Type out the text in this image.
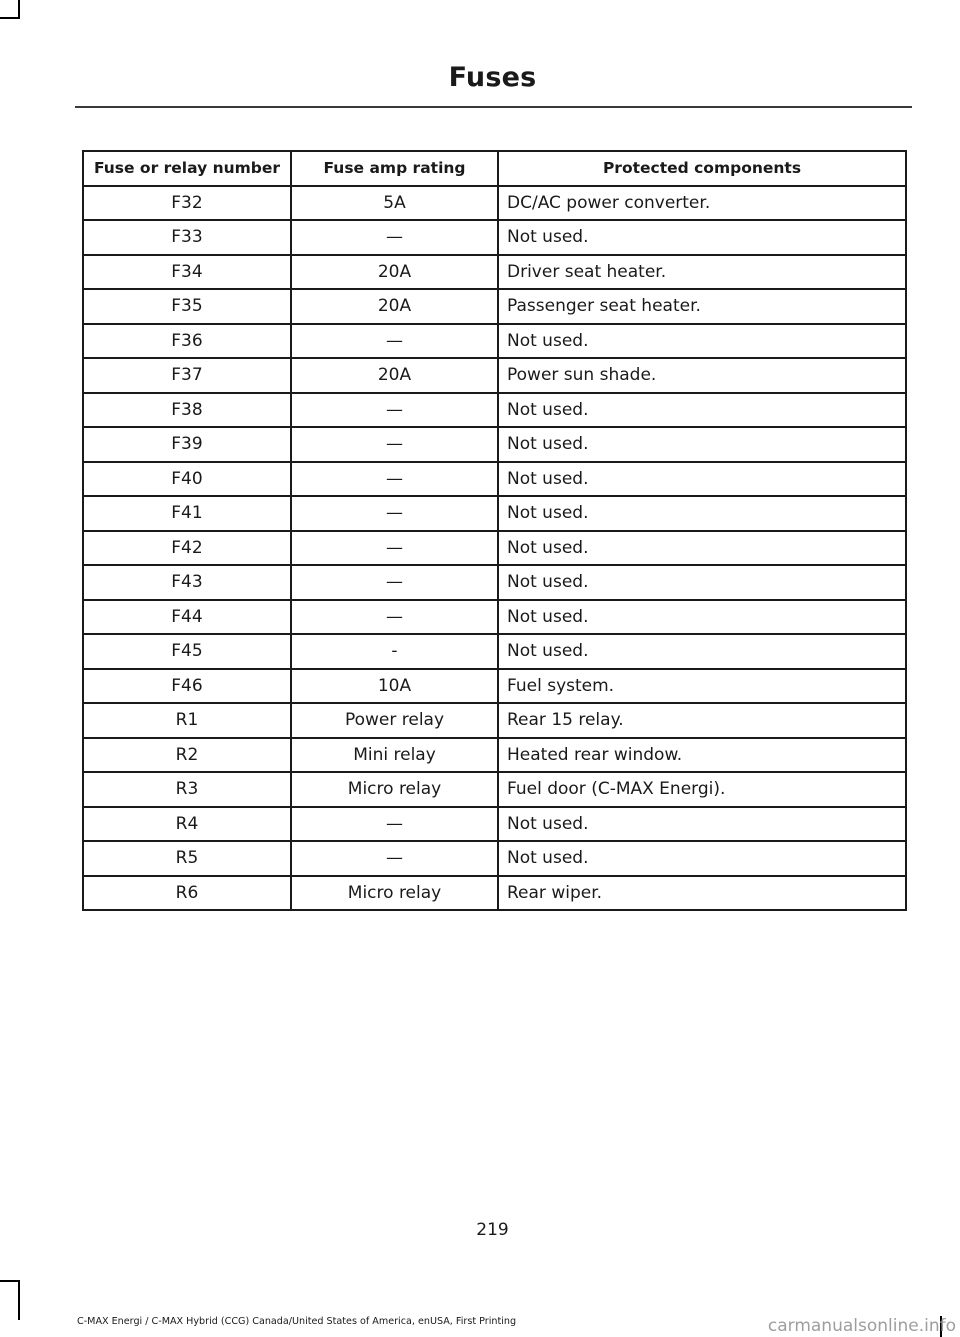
Fuses
Fuse or relay number	Fuse amp rating	Protected components
F32	5A	DC/AC power converter.
F33	—	Not used.
F34	20A	Driver seat heater.
F35	20A	Passenger seat heater.
F36	—	Not used.
F37	20A	Power sun shade.
F38	—	Not used.
F39	—	Not used.
F40	—	Not used.
F41	—	Not used.
F42	—	Not used.
F43	—	Not used.
F44	—	Not used.
F45	-	Not used.
F46	10A	Fuel system.
R1	Power relay	Rear 15 relay.
R2	Mini relay	Heated rear window.
R3	Micro relay	Fuel door (C-MAX Energi).
R4	—	Not used.
R5	—	Not used.
R6	Micro relay	Rear wiper.
219
C-MAX Energi / C-MAX Hybrid (CCG) Canada/United States of America, enUSA, First Printing	carmanualsonline.info
